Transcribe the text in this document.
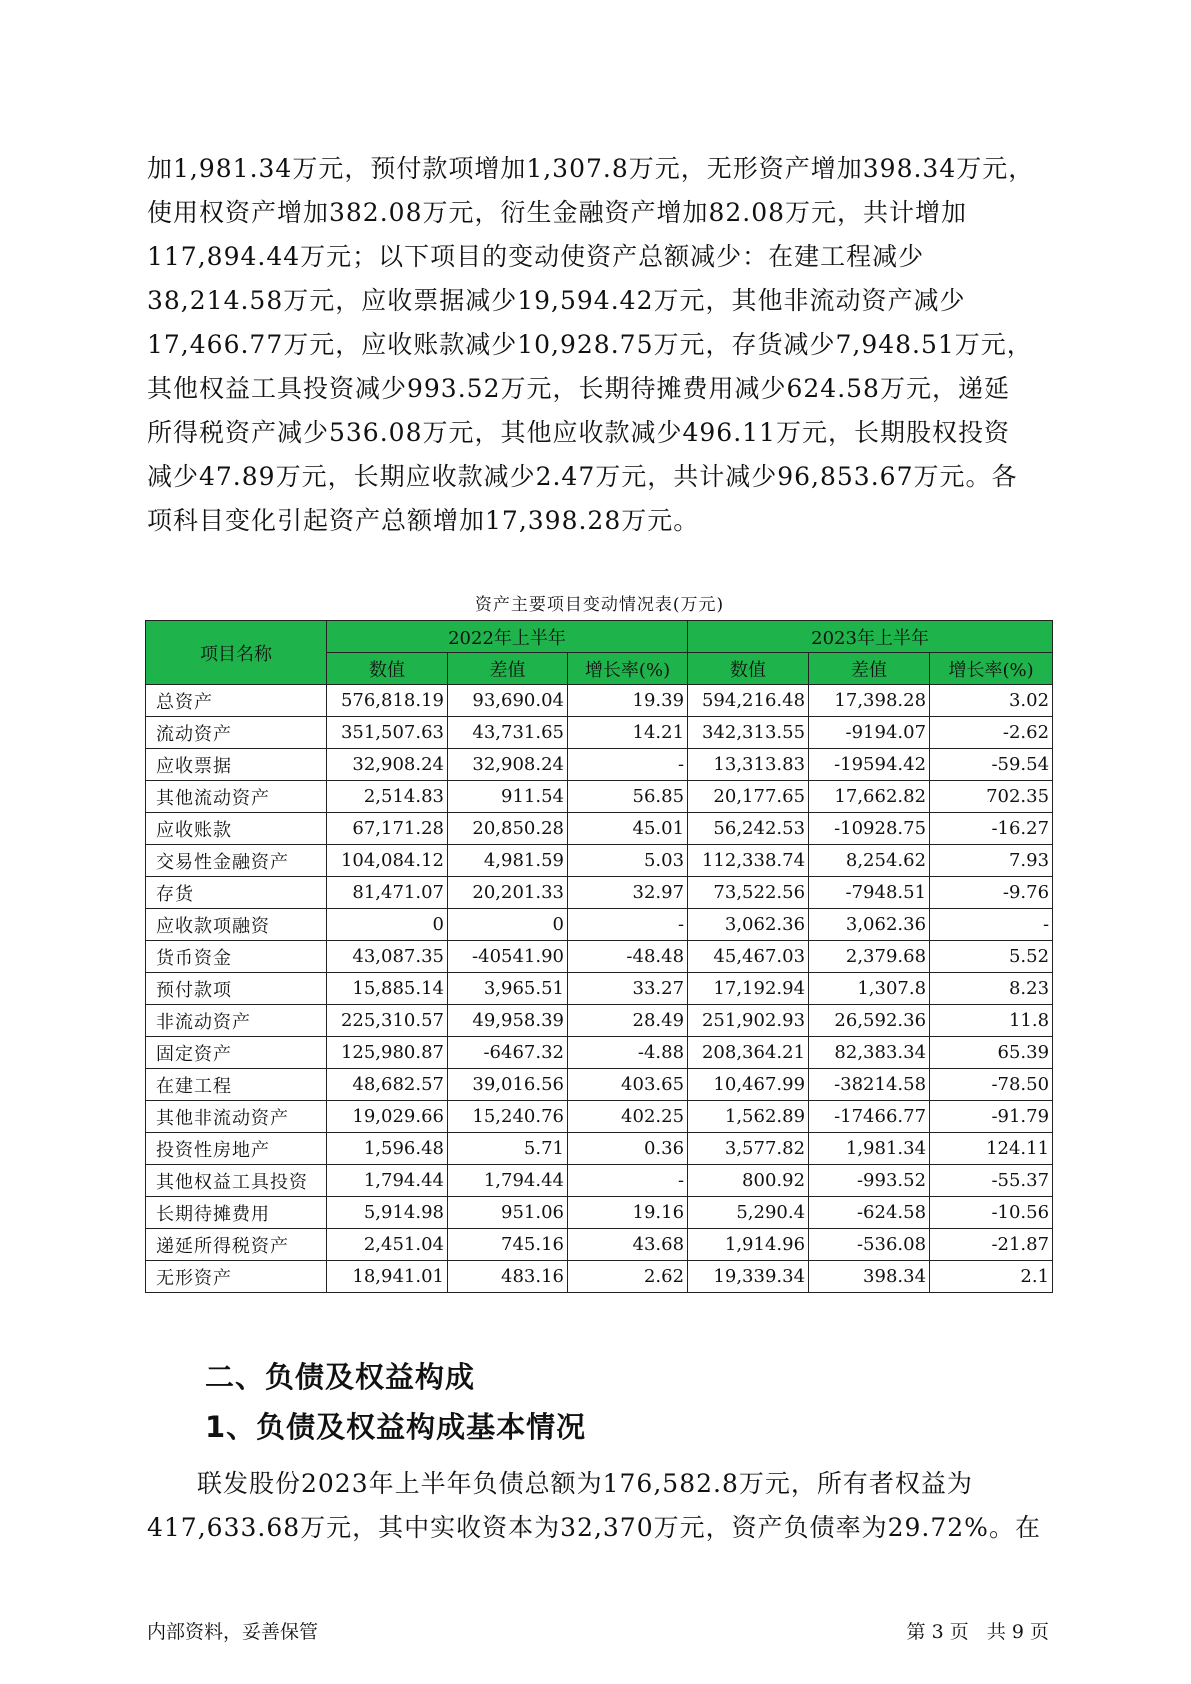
加1,981.34万元，预付款项增加1,307.8万元，无形资产增加398.34万元，
使用权资产增加382.08万元，衍生金融资产增加82.08万元，共计增加
117,894.44万元；以下项目的变动使资产总额减少：在建工程减少
38,214.58万元，应收票据减少19,594.42万元，其他非流动资产减少
17,466.77万元，应收账款减少10,928.75万元，存货减少7,948.51万元，
其他权益工具投资减少993.52万元，长期待摊费用减少624.58万元，递延
所得税资产减少536.08万元，其他应收款减少496.11万元，长期股权投资
减少47.89万元，长期应收款减少2.47万元，共计减少96,853.67万元。各
项科目变化引起资产总额增加17,398.28万元。
资产主要项目变动情况表(万元)
项目名称	2022年上半年			2023年上半年		
	数值	差值	增长率(%)	数值	差值	增长率(%)
总资产	576,818.19	93,690.04	19.39	594,216.48	17,398.28	3.02
流动资产	351,507.63	43,731.65	14.21	342,313.55	-9194.07	-2.62
应收票据	32,908.24	32,908.24	-	13,313.83	-19594.42	-59.54
其他流动资产	2,514.83	911.54	56.85	20,177.65	17,662.82	702.35
应收账款	67,171.28	20,850.28	45.01	56,242.53	-10928.75	-16.27
交易性金融资产	104,084.12	4,981.59	5.03	112,338.74	8,254.62	7.93
存货	81,471.07	20,201.33	32.97	73,522.56	-7948.51	-9.76
应收款项融资	0	0	-	3,062.36	3,062.36	-
货币资金	43,087.35	-40541.90	-48.48	45,467.03	2,379.68	5.52
预付款项	15,885.14	3,965.51	33.27	17,192.94	1,307.8	8.23
非流动资产	225,310.57	49,958.39	28.49	251,902.93	26,592.36	11.8
固定资产	125,980.87	-6467.32	-4.88	208,364.21	82,383.34	65.39
在建工程	48,682.57	39,016.56	403.65	10,467.99	-38214.58	-78.50
其他非流动资产	19,029.66	15,240.76	402.25	1,562.89	-17466.77	-91.79
投资性房地产	1,596.48	5.71	0.36	3,577.82	1,981.34	124.11
其他权益工具投资	1,794.44	1,794.44	-	800.92	-993.52	-55.37
长期待摊费用	5,914.98	951.06	19.16	5,290.4	-624.58	-10.56
递延所得税资产	2,451.04	745.16	43.68	1,914.96	-536.08	-21.87
无形资产	18,941.01	483.16	2.62	19,339.34	398.34	2.1
二、负债及权益构成
1、负债及权益构成基本情况
联发股份2023年上半年负债总额为176,582.8万元，所有者权益为
417,633.68万元，其中实收资本为32,370万元，资产负债率为29.72%。在
内部资料，妥善保管	第 3 页   共 9 页
